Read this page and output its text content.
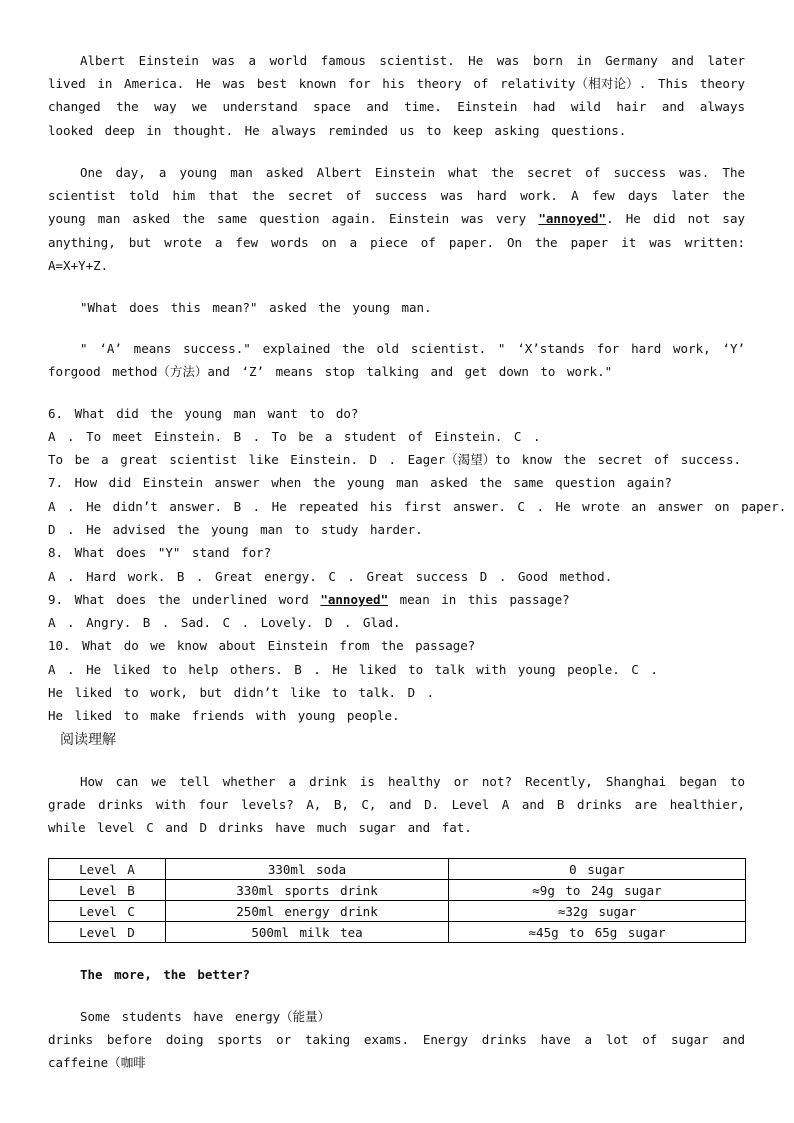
Albert Einstein was a world famous scientist. He was born in Germany and later lived in America. He was best known for his theory of relativity（相对论）. This theory changed the way we understand space and time. Einstein had wild hair and always looked deep in thought. He always reminded us to keep asking questions.
One day, a young man asked Albert Einstein what the secret of success was. The scientist told him that the secret of success was hard work. A few days later the young man asked the same question again. Einstein was very "annoyed". He did not say anything, but wrote a few words on a piece of paper. On the paper it was written: A=X+Y+Z.
"What does this mean?" asked the young man.
" ‘A’ means success." explained the old scientist. " ‘X’stands for hard work, ‘Y’ forgood method（方法）and ‘Z’ means stop talking and get down to work."
6. What did the young man want to do?
A . To meet Einstein. B . To be a student of Einstein. C .
To be a great scientist like Einstein. D . Eager（渴望）to know the secret of success.
7. How did Einstein answer when the young man asked the same question again?
A . He didn’t answer. B . He repeated his first answer. C . He wrote an answer on paper.
D . He advised the young man to study harder.
8. What does "Y" stand for?
A . Hard work. B . Great energy. C . Great success D . Good method.
9. What does the underlined word "annoyed" mean in this passage?
A . Angry. B . Sad. C . Lovely. D . Glad.
10. What do we know about Einstein from the passage?
A . He liked to help others. B . He liked to talk with young people. C .
He liked to work, but didn’t like to talk. D .
He liked to make friends with young people.
阅读理解
How can we tell whether a drink is healthy or not? Recently, Shanghai began to grade drinks with four levels? A, B, C, and D. Level A and B drinks are healthier, while level C and D drinks have much sugar and fat.
Level A	330ml soda	0 sugar
Level B	330ml sports drink	≈9g to 24g sugar
Level C	250ml energy drink	≈32g sugar
Level D	500ml milk tea	≈45g to 65g sugar
The more, the better?
Some students have energy（能量）
drinks before doing sports or taking exams. Energy drinks have a lot of sugar and caffeine（咖啡
